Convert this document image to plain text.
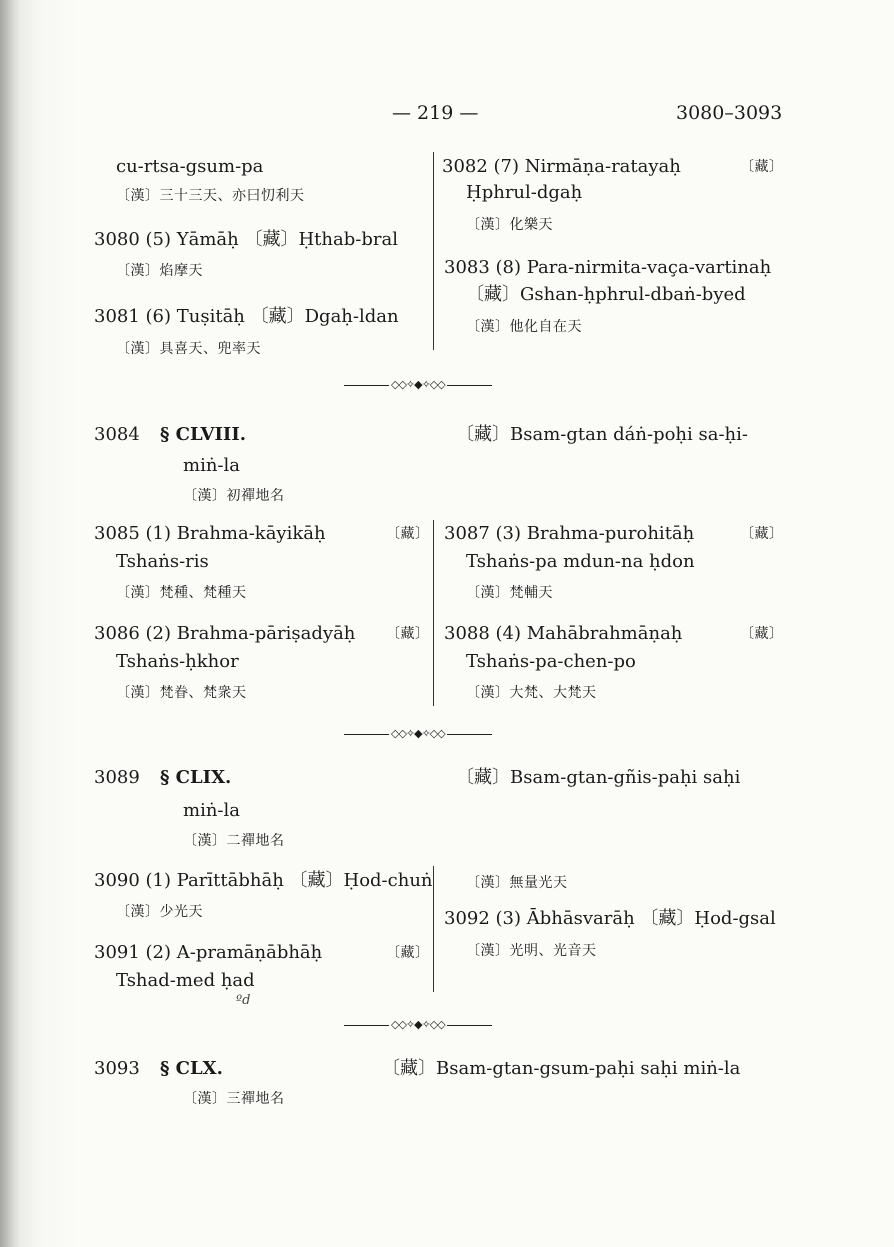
— 219 —	3080–3093
cu-rtsa-gsum-pa
〔漢〕三十三天、亦曰忉利天
3080 (5) Yāmāḥ 〔藏〕Ḥthab-bral
〔漢〕焰摩天
3081 (6) Tuṣitāḥ 〔藏〕Dgaḥ-ldan
〔漢〕具喜天、兜率天
3082 (7) Nirmāṇa-ratayaḥ	〔藏〕
Ḥphrul-dgaḥ
〔漢〕化樂天
3083 (8) Para-nirmita-vaça-vartinaḥ
〔藏〕Gshan-ḥphrul-dbaṅ-byed
〔漢〕他化自在天
◇◇✧◆✧◇◇
3084 § CLVIII.	〔藏〕Bsam-gtan dáṅ-poḥi sa-ḥi-
miṅ-la
〔漢〕初禪地名
3085 (1) Brahma-kāyikāḥ	〔藏〕
Tshaṅs-ris
〔漢〕梵種、梵種天
3086 (2) Brahma-pāriṣadyāḥ 〔藏〕
Tshaṅs-ḥkhor
〔漢〕梵眷、梵衆天
3087 (3) Brahma-purohitāḥ	〔藏〕
Tshaṅs-pa mdun-na ḥdon
〔漢〕梵輔天
3088 (4) Mahābrahmāṇaḥ	〔藏〕
Tshaṅs-pa-chen-po
〔漢〕大梵、大梵天
◇◇✧◆✧◇◇
3089 § CLIX.	〔藏〕Bsam-gtan-gñis-paḥi saḥi
miṅ-la
〔漢〕二禪地名
3090 (1) Parīttābhāḥ 〔藏〕Ḥod-chuṅ
〔漢〕少光天
3091 (2) A-pramāṇābhāḥ	〔藏〕
Tshad-med ḥad
ºd
〔漢〕無量光天
3092 (3) Ābhāsvarāḥ 〔藏〕Ḥod-gsal
〔漢〕光明、光音天
◇◇✧◆✧◇◇
3093 § CLX.	〔藏〕Bsam-gtan-gsum-paḥi saḥi miṅ-la
〔漢〕三禪地名
